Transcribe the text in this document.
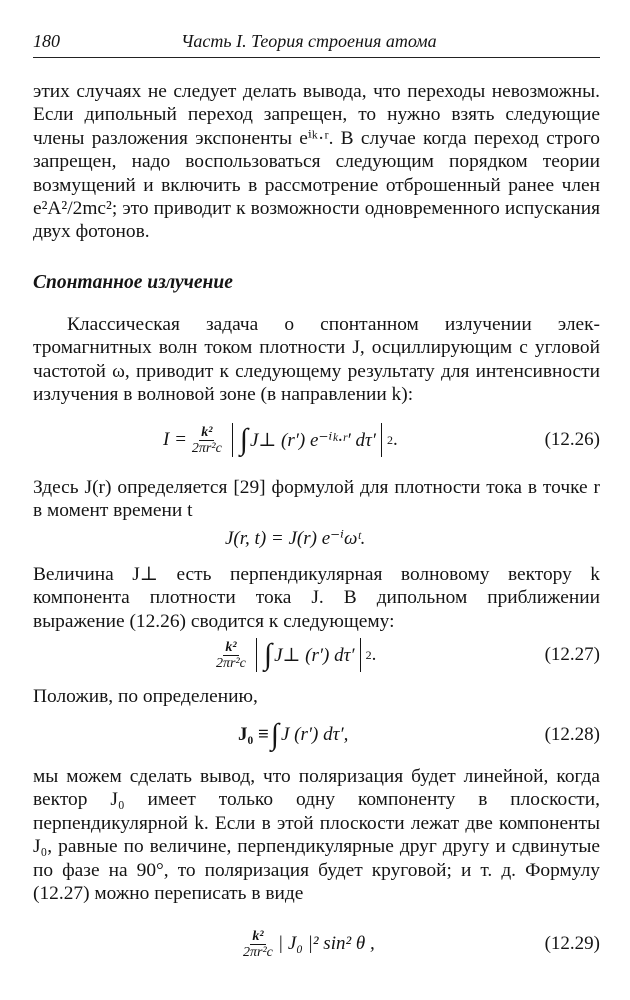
180	Часть I. Теория строения атома
этих случаях не следует делать вывода, что переходы невозможны. Если дипольный переход запрещен, то нужно взять следующие члены разложения экспоненты eⁱᵏ·ʳ. В случае когда переход строго запрещен, надо воспользоваться следующим порядком теории возмущений и включить в рассмотрение отброшенный ранее член e²A²/2mc²; это приводит к возможности одновременного испускания двух фотонов.
Спонтанное излучение
Классическая задача о спонтанном излучении электромагнитных волн током плотности J, осциллирующим с угловой частотой ω, приводит к следующему результату для интенсивности излучения в волновой зоне (в направлении k):
$I = \frac{\text{k²}}{\text{2πr²c}}$ ∫ J⊥ (r′) e⁻ⁱᵏ·ʳ′ dτ′ 2 .	(12.26)
Здесь J(r) определяется [29] формулой для плотности тока в точке r в момент времени t
J(r, t) = J(r) e⁻ⁱωᵗ.
Величина J⊥ есть перпендикулярная волновому вектору k компонента плотности тока J. В дипольном приближении выражение (12.26) сводится к следующему:
$\frac{\text{k²}}{\text{2πr²c}}$ ∫ J⊥ (r′) dτ′ 2 .	(12.27)
Положив, по определению,
J₀ ≡ ∫ J (r′) dτ′,	(12.28)
мы можем сделать вывод, что поляризация будет линейной, когда вектор J₀ имеет только одну компоненту в плоскости, перпендикулярной k. Если в этой плоскости лежат две компоненты J₀, равные по величине, перпендикулярные друг другу и сдвинутые по фазе на 90°, то поляризация будет круговой; и т. д. Формулу (12.27) можно переписать в виде
$\frac{\text{k²}}{\text{2πr²c}}$ | J₀ |² sin² θ ,	(12.29)
